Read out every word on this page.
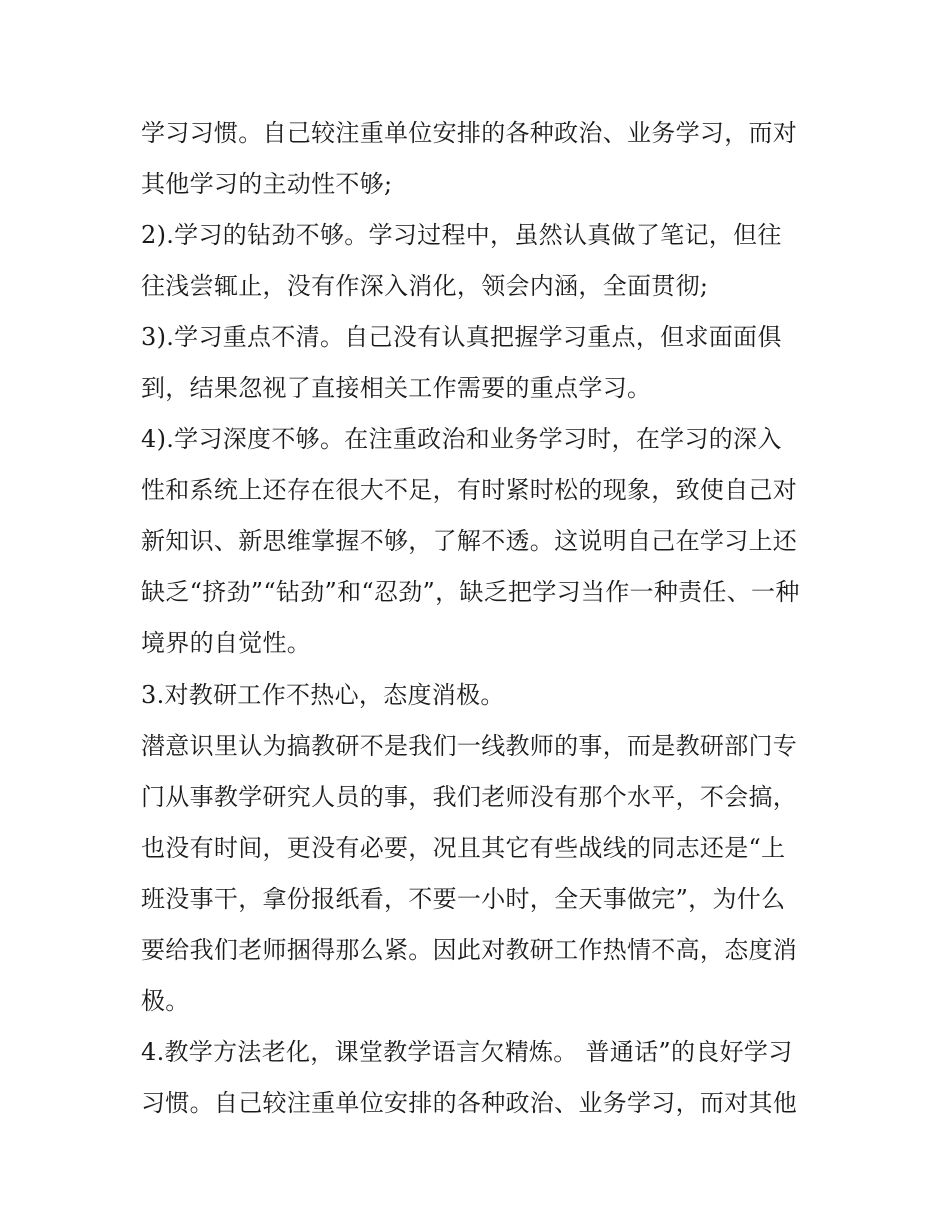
学习习惯。自己较注重单位安排的各种政治、业务学习，而对
其他学习的主动性不够;
2).学习的钻劲不够。学习过程中，虽然认真做了笔记，但往
往浅尝辄止，没有作深入消化，领会内涵，全面贯彻;
3).学习重点不清。自己没有认真把握学习重点，但求面面俱
到，结果忽视了直接相关工作需要的重点学习。
4).学习深度不够。在注重政治和业务学习时，在学习的深入
性和系统上还存在很大不足，有时紧时松的现象，致使自己对
新知识、新思维掌握不够，了解不透。这说明自己在学习上还
缺乏“挤劲”“钻劲”和“忍劲”，缺乏把学习当作一种责任、一种
境界的自觉性。
3.对教研工作不热心，态度消极。
潜意识里认为搞教研不是我们一线教师的事，而是教研部门专
门从事教学研究人员的事，我们老师没有那个水平，不会搞，
也没有时间，更没有必要，况且其它有些战线的同志还是“上
班没事干，拿份报纸看，不要一小时，全天事做完”，为什么
要给我们老师捆得那么紧。因此对教研工作热情不高，态度消
极。
4.教学方法老化，课堂教学语言欠精炼。 普通话”的良好学习
习惯。自己较注重单位安排的各种政治、业务学习，而对其他
